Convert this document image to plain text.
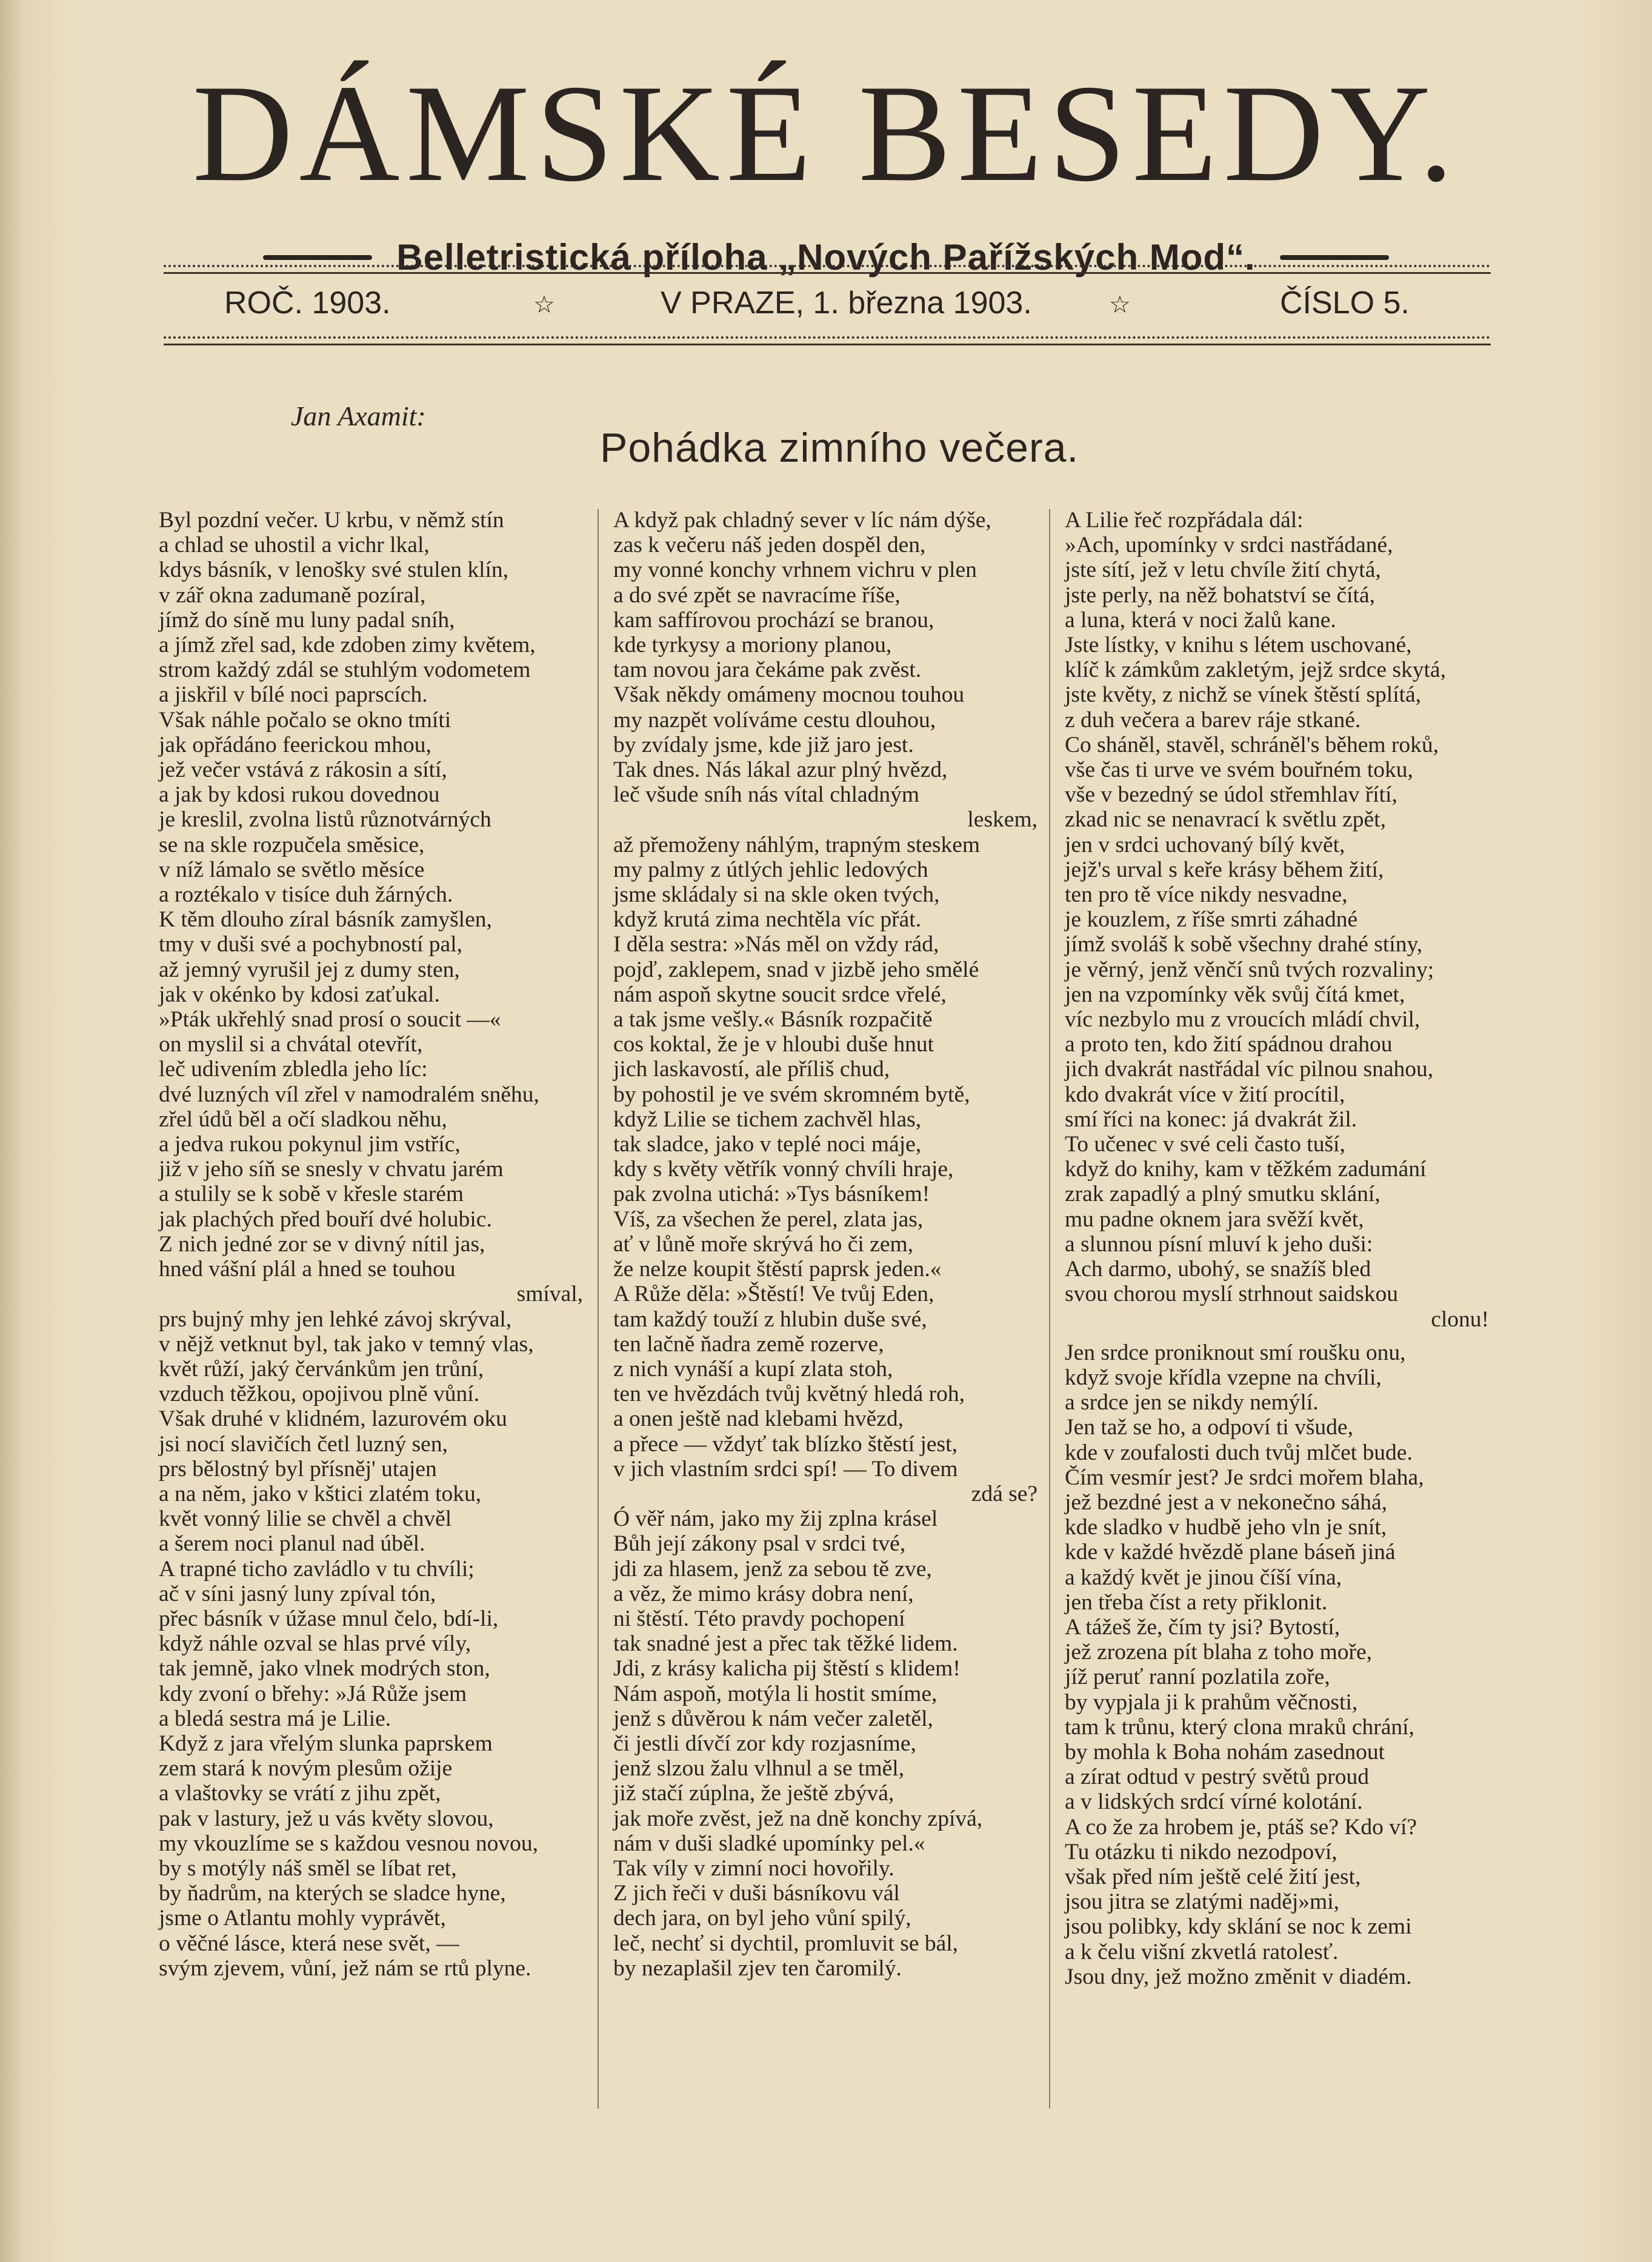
DÁMSKÉ BESEDY.
Belletristická příloha „Nových Pařížských Mod“.
ROČ. 1903.	☆	V PRAZE, 1. března 1903.	☆	ČÍSLO 5.
Jan Axamit:
Pohádka zimního večera.
Byl pozdní večer. U krbu, v němž stín
a chlad se uhostil a vichr lkal,
kdys básník, v lenošky své stulen klín,
v zář okna zadumaně pozíral,
jímž do síně mu luny padal sníh,
a jímž zřel sad, kde zdoben zimy květem,
strom každý zdál se stuhlým vodometem
a jiskřil v bílé noci paprscích.
Však náhle počalo se okno tmíti
jak opřádáno feerickou mhou,
jež večer vstává z rákosin a sítí,
a jak by kdosi rukou dovednou
je kreslil, zvolna listů různotvárných
se na skle rozpučela směsice,
v níž lámalo se světlo měsíce
a roztékalo v tisíce duh žárných.
K těm dlouho zíral básník zamyšlen,
tmy v duši své a pochybností pal,
až jemný vyrušil jej z dumy sten,
jak v okénko by kdosi zaťukal.
»Pták ukřehlý snad prosí o soucit —«
on myslil si a chvátal otevřít,
leč udivením zbledla jeho líc:
dvé luzných víl zřel v namodralém sněhu,
zřel údů běl a očí sladkou něhu,
a jedva rukou pokynul jim vstříc,
již v jeho síň se snesly v chvatu jarém
a stulily se k sobě v křesle starém
jak plachých před bouří dvé holubic.
Z nich jedné zor se v divný nítil jas,
hned vášní plál a hned se touhou
smíval,
prs bujný mhy jen lehké závoj skrýval,
v nějž vetknut byl, tak jako v temný vlas,
květ růží, jaký červánkům jen trůní,
vzduch těžkou, opojivou plně vůní.
Však druhé v klidném, lazurovém oku
jsi nocí slavičích četl luzný sen,
prs bělostný byl přísněj' utajen
a na něm, jako v kštici zlatém toku,
květ vonný lilie se chvěl a chvěl
a šerem noci planul nad úběl.
A trapné ticho zavládlo v tu chvíli;
ač v síni jasný luny zpíval tón,
přec básník v úžase mnul čelo, bdí-li,
když náhle ozval se hlas prvé víly,
tak jemně, jako vlnek modrých ston,
kdy zvoní o břehy: »Já Růže jsem
a bledá sestra má je Lilie.
Když z jara vřelým slunka paprskem
zem stará k novým plesům ožije
a vlaštovky se vrátí z jihu zpět,
pak v lastury, jež u vás květy slovou,
my vkouzlíme se s každou vesnou novou,
by s motýly náš směl se líbat ret,
by ňadrům, na kterých se sladce hyne,
jsme o Atlantu mohly vyprávět,
o věčné lásce, která nese svět, —
svým zjevem, vůní, jež nám se rtů plyne.
A když pak chladný sever v líc nám dýše,
zas k večeru náš jeden dospěl den,
my vonné konchy vrhnem vichru v plen
a do své zpět se navracíme říše,
kam saffírovou prochází se branou,
kde tyrkysy a moriony planou,
tam novou jara čekáme pak zvěst.
Však někdy omámeny mocnou touhou
my nazpět volíváme cestu dlouhou,
by zvídaly jsme, kde již jaro jest.
Tak dnes. Nás lákal azur plný hvězd,
leč všude sníh nás vítal chladným
leskem,
až přemoženy náhlým, trapným steskem
my palmy z útlých jehlic ledových
jsme skládaly si na skle oken tvých,
když krutá zima nechtěla víc přát.
I děla sestra: »Nás měl on vždy rád,
pojď, zaklepem, snad v jizbě jeho smělé
nám aspoň skytne soucit srdce vřelé,
a tak jsme vešly.« Básník rozpačitě
cos koktal, že je v hloubi duše hnut
jich laskavostí, ale příliš chud,
by pohostil je ve svém skromném bytě,
když Lilie se tichem zachvěl hlas,
tak sladce, jako v teplé noci máje,
kdy s květy větřík vonný chvíli hraje,
pak zvolna utichá: »Tys básníkem!
Víš, za všechen že perel, zlata jas,
ať v lůně moře skrývá ho či zem,
že nelze koupit štěstí paprsk jeden.«
A Růže děla: »Štěstí! Ve tvůj Eden,
tam každý touží z hlubin duše své,
ten lačně ňadra země rozerve,
z nich vynáší a kupí zlata stoh,
ten ve hvězdách tvůj květný hledá roh,
a onen ještě nad klebami hvězd,
a přece — vždyť tak blízko štěstí jest,
v jich vlastním srdci spí! — To divem
zdá se?
Ó věř nám, jako my žij zplna krásel
Bůh její zákony psal v srdci tvé,
jdi za hlasem, jenž za sebou tě zve,
a věz, že mimo krásy dobra není,
ni štěstí. Této pravdy pochopení
tak snadné jest a přec tak těžké lidem.
Jdi, z krásy kalicha pij štěstí s klidem!
Nám aspoň, motýla li hostit smíme,
jenž s důvěrou k nám večer zaletěl,
či jestli dívčí zor kdy rozjasníme,
jenž slzou žalu vlhnul a se tměl,
již stačí zúplna, že ještě zbývá,
jak moře zvěst, jež na dně konchy zpívá,
nám v duši sladké upomínky pel.«
Tak víly v zimní noci hovořily.
Z jich řeči v duši básníkovu vál
dech jara, on byl jeho vůní spilý,
leč, nechť si dychtil, promluvit se bál,
by nezaplašil zjev ten čaromilý.
A Lilie řeč rozpřádala dál:
»Ach, upomínky v srdci nastřádané,
jste sítí, jež v letu chvíle žití chytá,
jste perly, na něž bohatství se čítá,
a luna, která v noci žalů kane.
Jste lístky, v knihu s létem uschované,
klíč k zámkům zakletým, jejž srdce skytá,
jste květy, z nichž se vínek štěstí splítá,
z duh večera a barev ráje stkané.
Co sháněl, stavěl, schráněl's během roků,
vše čas ti urve ve svém bouřném toku,
vše v bezedný se údol střemhlav řítí,
zkad nic se nenavrací k světlu zpět,
jen v srdci uchovaný bílý květ,
jejž's urval s keře krásy během žití,
ten pro tě více nikdy nesvadne,
je kouzlem, z říše smrti záhadné
jímž svoláš k sobě všechny drahé stíny,
je věrný, jenž věnčí snů tvých rozvaliny;
jen na vzpomínky věk svůj čítá kmet,
víc nezbylo mu z vroucích mládí chvil,
a proto ten, kdo žití spádnou drahou
jich dvakrát nastřádal víc pilnou snahou,
kdo dvakrát více v žití procítil,
smí říci na konec: já dvakrát žil.
To učenec v své celi často tuší,
když do knihy, kam v těžkém zadumání
zrak zapadlý a plný smutku sklání,
mu padne oknem jara svěží květ,
a slunnou písní mluví k jeho duši:
Ach darmo, ubohý, se snažíš bled
svou chorou myslí strhnout saidskou
clonu!
Jen srdce proniknout smí roušku onu,
když svoje křídla vzepne na chvíli,
a srdce jen se nikdy nemýlí.
Jen taž se ho, a odpoví ti všude,
kde v zoufalosti duch tvůj mlčet bude.
Čím vesmír jest? Je srdci mořem blaha,
jež bezdné jest a v nekonečno sáhá,
kde sladko v hudbě jeho vln je snít,
kde v každé hvězdě plane báseň jiná
a každý květ je jinou číší vína,
jen třeba číst a rety přiklonit.
A tážeš že, čím ty jsi? Bytostí,
jež zrozena pít blaha z toho moře,
jíž peruť ranní pozlatila zoře,
by vypjala ji k prahům věčnosti,
tam k trůnu, který clona mraků chrání,
by mohla k Boha nohám zasednout
a zírat odtud v pestrý světů proud
a v lidských srdcí vírné kolotání.
A co že za hrobem je, ptáš se? Kdo ví?
Tu otázku ti nikdo nezodpoví,
však před ním ještě celé žití jest,
jsou jitra se zlatými naděj»mi,
jsou polibky, kdy sklání se noc k zemi
a k čelu višní zkvetlá ratolesť.
Jsou dny, jež možno změnit v diadém.
